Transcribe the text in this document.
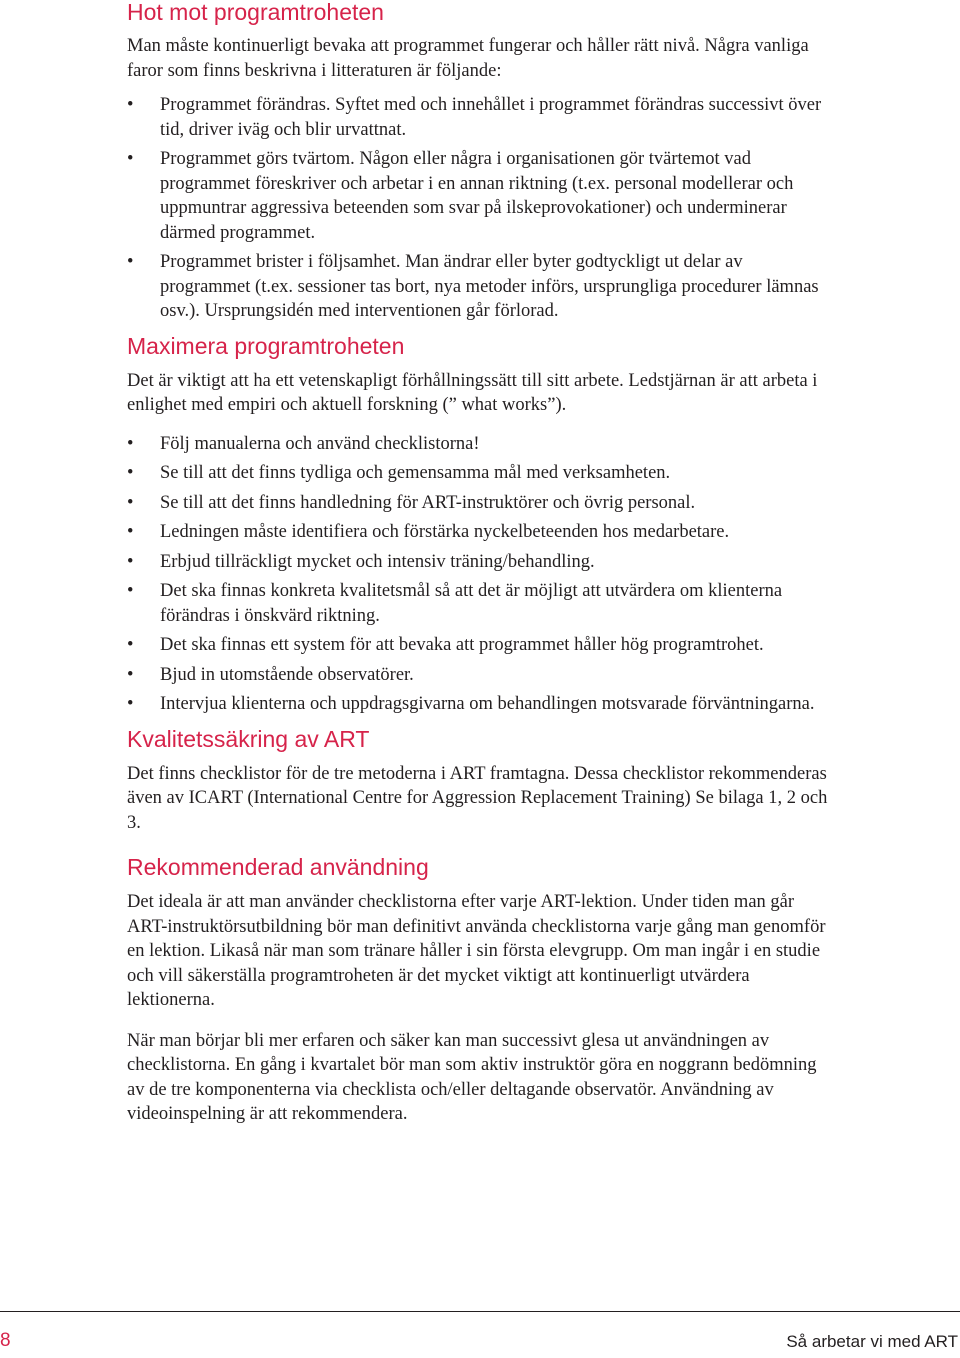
Hot mot programtroheten

Man måste kontinuerligt bevaka att programmet fungerar och håller rätt nivå. Några vanliga faror som finns beskrivna i litteraturen är följande:

• Programmet förändras. Syftet med och innehållet i programmet förändras successivt över tid, driver iväg och blir urvattnat.
• Programmet görs tvärtom. Någon eller några i organisationen gör tvärtemot vad programmet föreskriver och arbetar i en annan riktning (t.ex. personal modellerar och uppmuntrar aggressiva beteenden som svar på ilskeprovokationer) och underminerar därmed programmet.
• Programmet brister i följsamhet. Man ändrar eller byter godtyckligt ut delar av programmet (t.ex. sessioner tas bort, nya metoder införs, ursprungliga procedurer lämnas osv.). Ursprungsidén med interventionen går förlorad.
Maximera programtroheten

Det är viktigt att ha ett vetenskapligt förhållningssätt till sitt arbete. Ledstjärnan är att arbeta i enlighet med empiri och aktuell forskning (” what works”).

• Följ manualerna och använd checklistorna!
• Se till att det finns tydliga och gemensamma mål med verksamheten.
• Se till att det finns handledning för ART-instruktörer och övrig personal.
• Ledningen måste identifiera och förstärka nyckelbeteenden hos medarbetare.
• Erbjud tillräckligt mycket och intensiv träning/behandling.
• Det ska finnas konkreta kvalitetsmål så att det är möjligt att utvärdera om klienterna förändras i önskvärd riktning.
• Det ska finnas ett system för att bevaka att programmet håller hög programtrohet.
• Bjud in utomstående observatörer.
• Intervjua klienterna och uppdragsgivarna om behandlingen motsvarade förväntningarna.
Kvalitetssäkring av ART

Det finns checklistor för de tre metoderna i ART framtagna. Dessa checklistor rekommenderas även av ICART (International Centre for Aggression Replacement Training) Se bilaga 1, 2 och 3.

Rekommenderad användning

Det ideala är att man använder checklistorna efter varje ART-lektion. Under tiden man går ART-instruktörsutbildning bör man definitivt använda checklistorna varje gång man genomför en lektion. Likaså när man som tränare håller i sin första elevgrupp. Om man ingår i en studie och vill säkerställa programtroheten är det mycket viktigt att kontinuerligt utvärdera lektionerna.

När man börjar bli mer erfaren och säker kan man successivt glesa ut användningen av checklistorna. En gång i kvartalet bör man som aktiv instruktör göra en noggrann bedömning av de tre komponenterna via checklista och/eller deltagande observatör. Användning av videoinspelning är att rekommendera.

8	Så arbetar vi med ART
